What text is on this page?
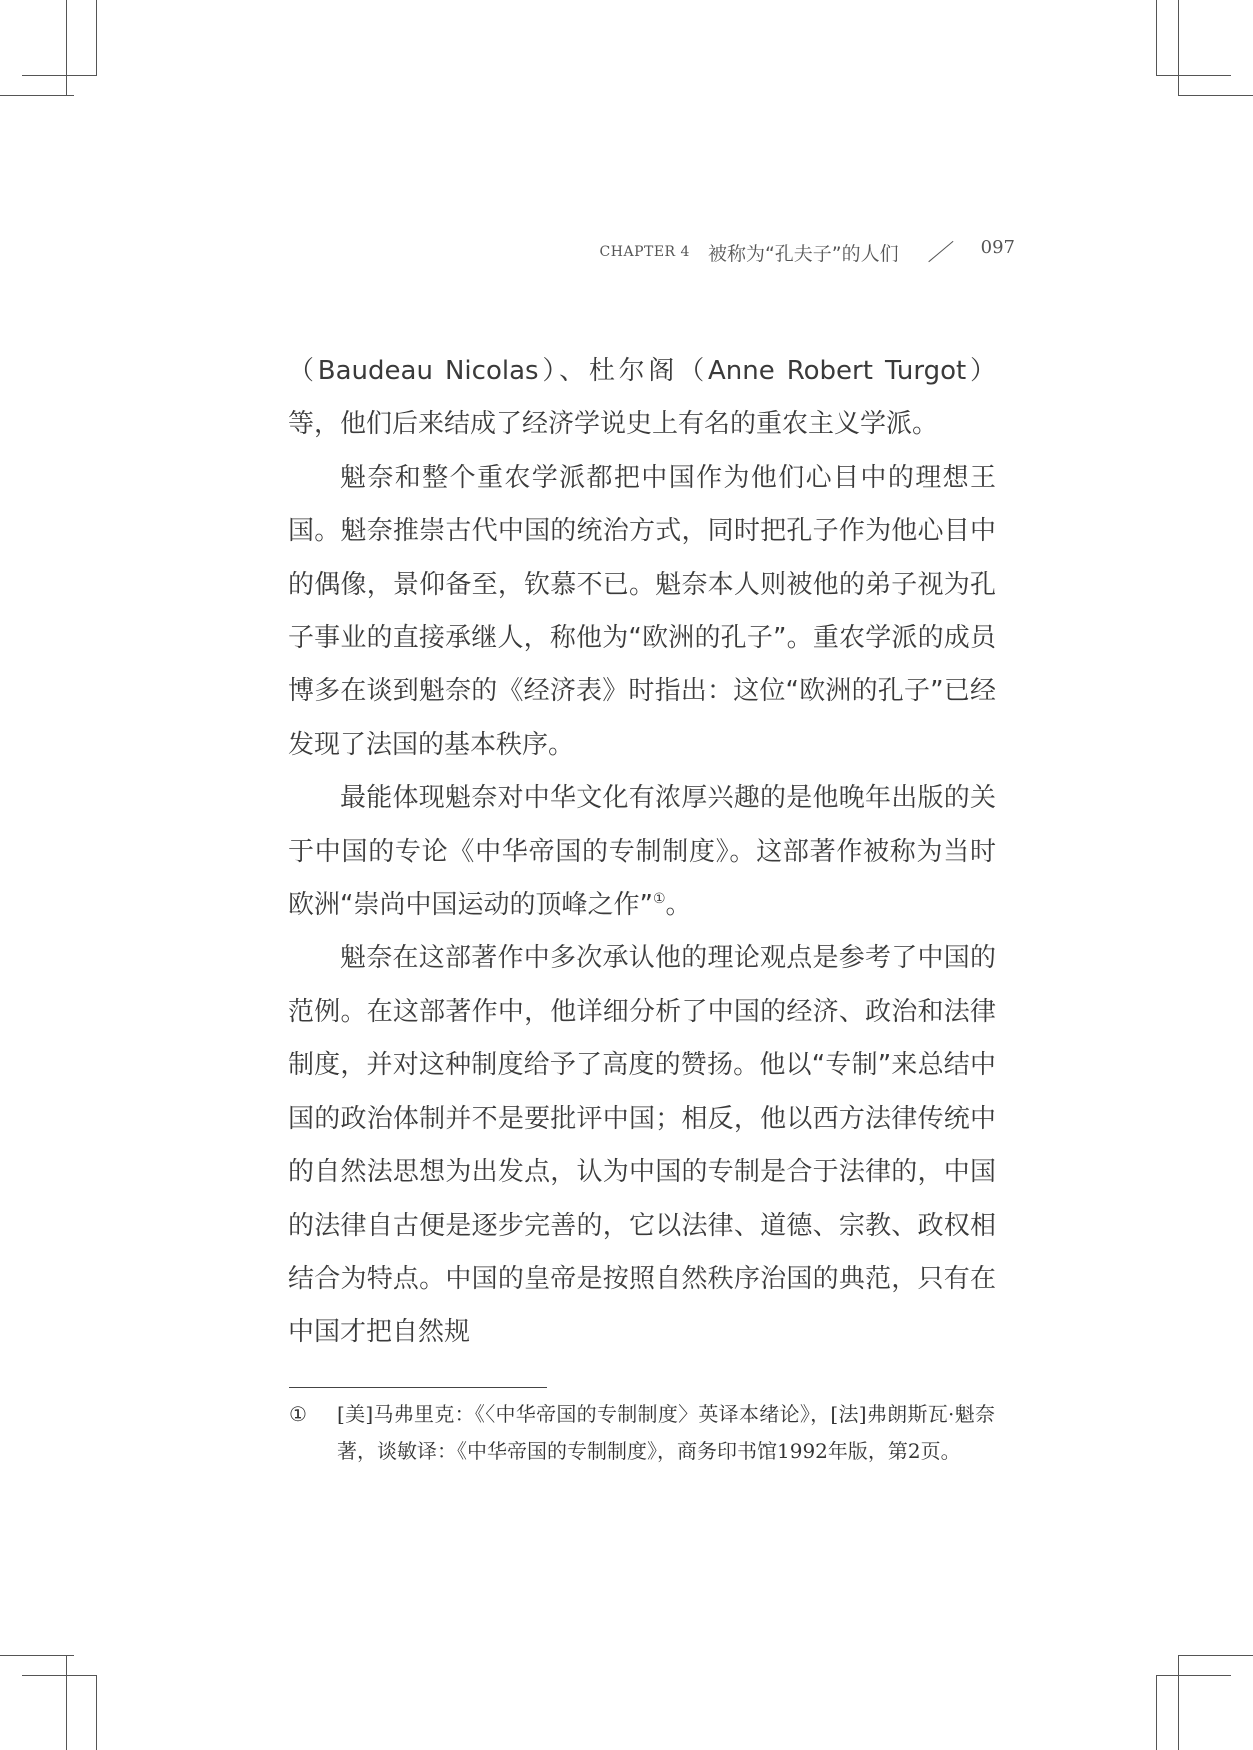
CHAPTER 4 被称为“孔夫子”的人们	097

（Baudeau Nicolas）、杜尔阁（Anne Robert Turgot）等，他们后来结成了经济学说史上有名的重农主义学派。

魁奈和整个重农学派都把中国作为他们心目中的理想王国。魁奈推崇古代中国的统治方式，同时把孔子作为他心目中的偶像，景仰备至，钦慕不已。魁奈本人则被他的弟子视为孔子事业的直接承继人，称他为“欧洲的孔子”。重农学派的成员博多在谈到魁奈的《经济表》时指出：这位“欧洲的孔子”已经发现了法国的基本秩序。

最能体现魁奈对中华文化有浓厚兴趣的是他晚年出版的关于中国的专论《中华帝国的专制制度》。这部著作被称为当时欧洲“崇尚中国运动的顶峰之作”①。

魁奈在这部著作中多次承认他的理论观点是参考了中国的范例。在这部著作中，他详细分析了中国的经济、政治和法律制度，并对这种制度给予了高度的赞扬。他以“专制”来总结中国的政治体制并不是要批评中国；相反，他以西方法律传统中的自然法思想为出发点，认为中国的专制是合于法律的，中国的法律自古便是逐步完善的，它以法律、道德、宗教、政权相结合为特点。中国的皇帝是按照自然秩序治国的典范，只有在中国才把自然规

① [美]马弗里克：《〈中华帝国的专制制度〉英译本绪论》，[法]弗朗斯瓦·魁奈著，谈敏译：《中华帝国的专制制度》，商务印书馆1992年版，第2页。
